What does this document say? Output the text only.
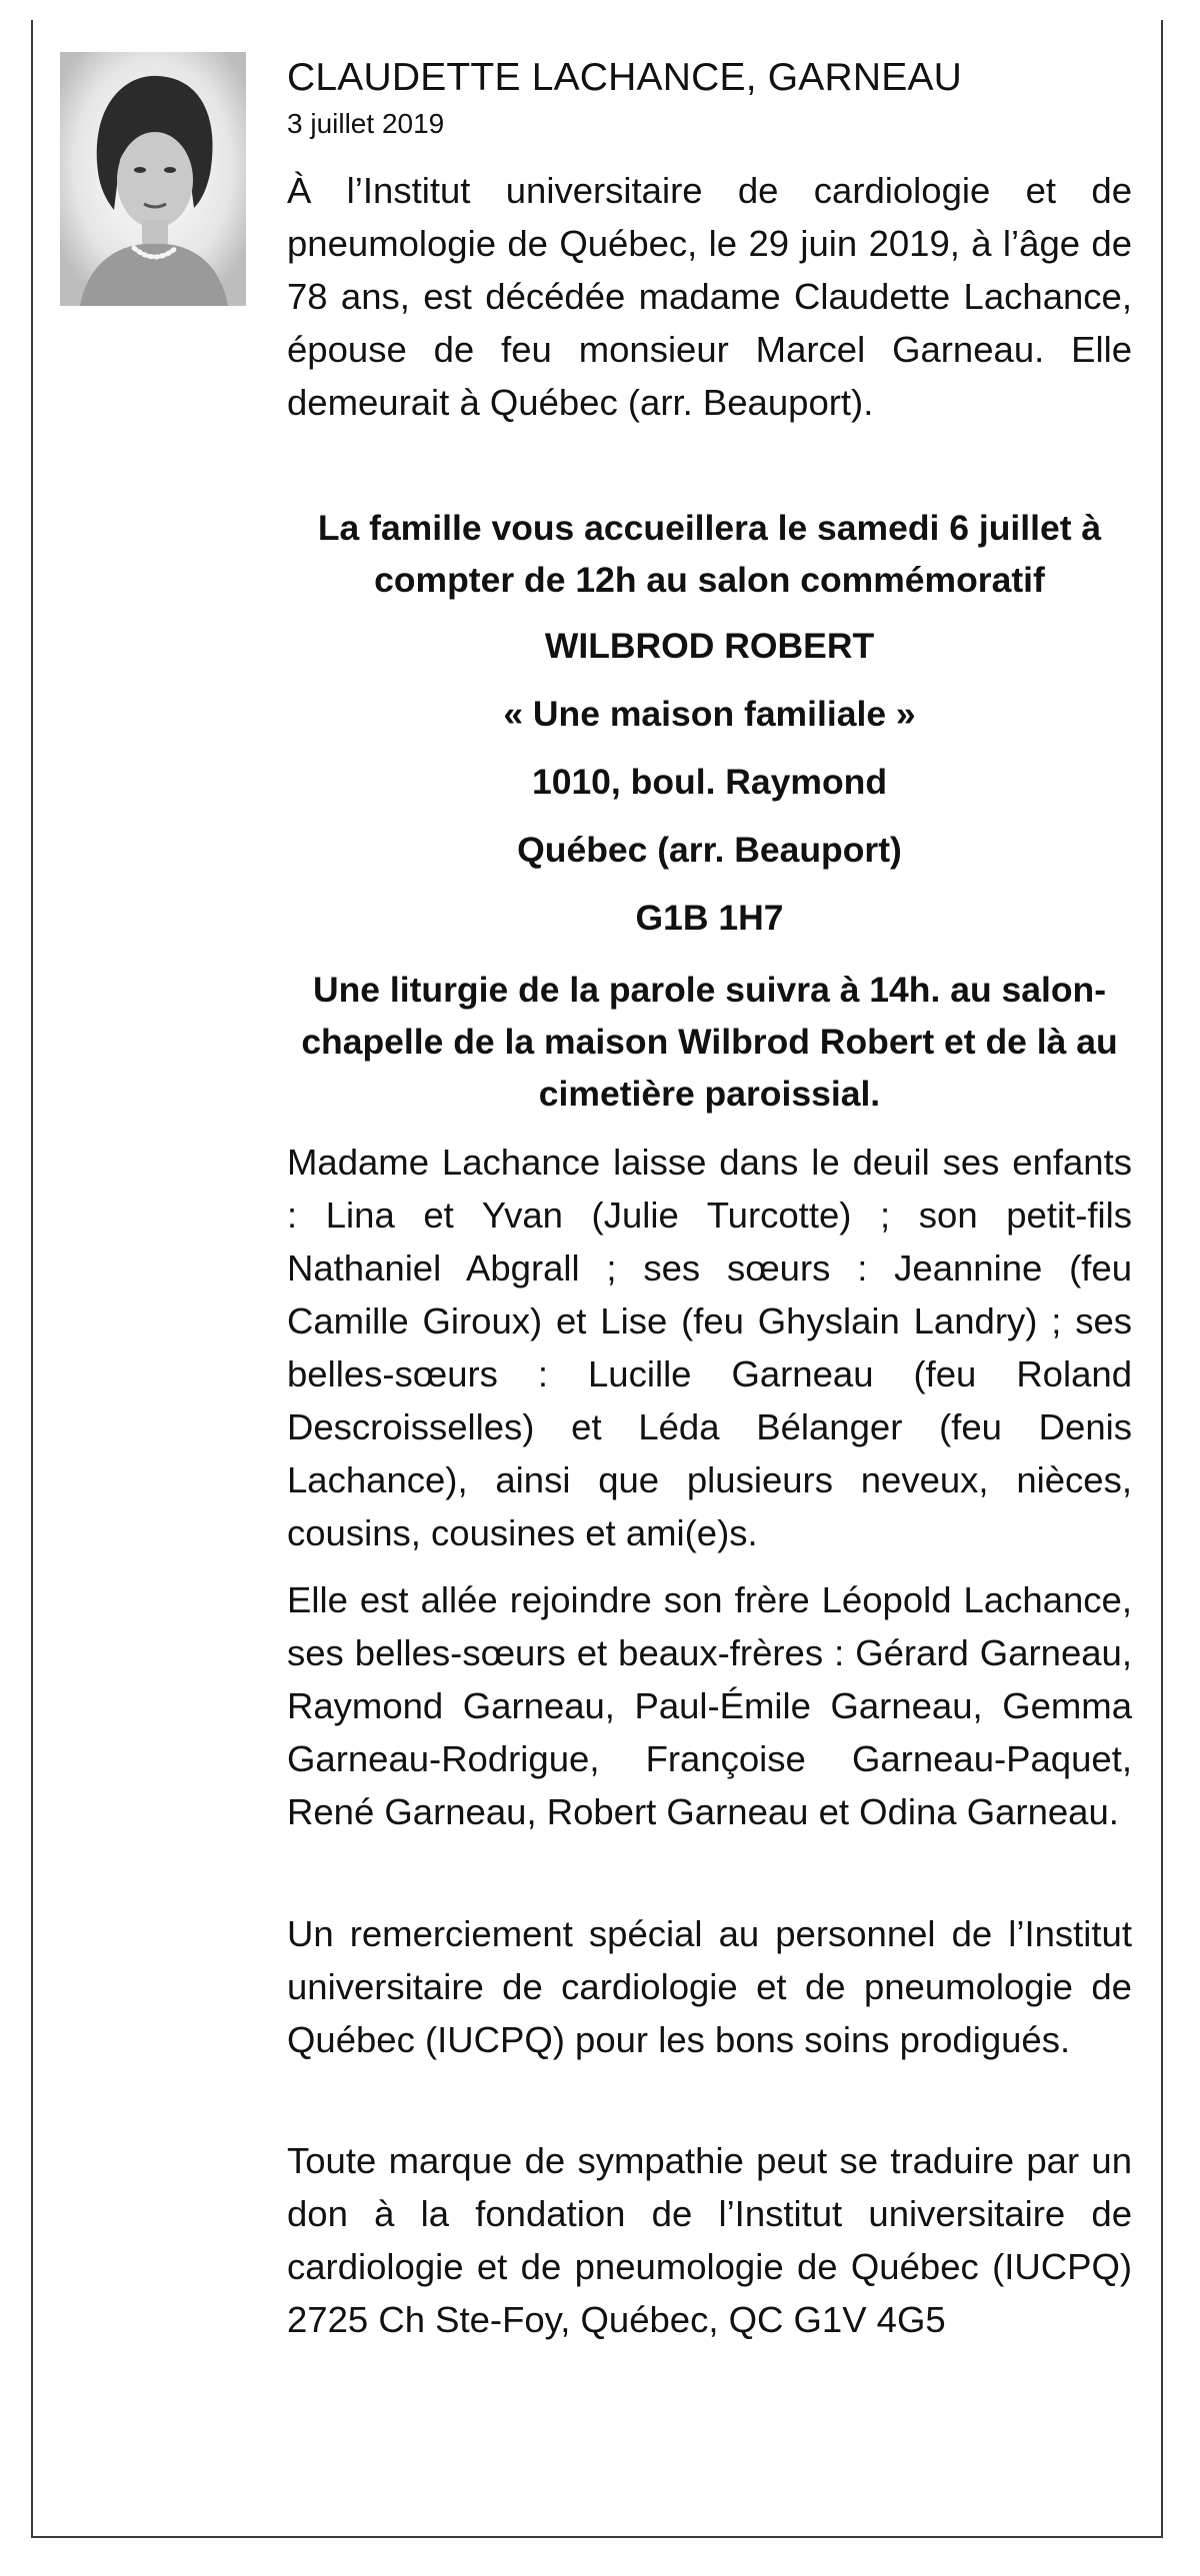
CLAUDETTE LACHANCE, GARNEAU
3 juillet 2019

À l’Institut universitaire de cardiologie et de pneumologie de Québec, le 29 juin 2019, à l’âge de 78 ans, est décédée madame Claudette Lachance, épouse de feu monsieur Marcel Garneau. Elle demeurait à Québec (arr. Beauport).

La famille vous accueillera le samedi 6 juillet à compter de 12h au salon commémoratif

WILBROD ROBERT

« Une maison familiale »

1010, boul. Raymond

Québec (arr. Beauport)

G1B 1H7

Une liturgie de la parole suivra à 14h. au salon-chapelle de la maison Wilbrod Robert et de là au cimetière paroissial.

Madame Lachance laisse dans le deuil ses enfants : Lina et Yvan (Julie Turcotte) ; son petit-fils Nathaniel Abgrall ; ses sœurs : Jeannine (feu Camille Giroux) et Lise (feu Ghyslain Landry) ; ses belles-sœurs : Lucille Garneau (feu Roland Descroisselles) et Léda Bélanger (feu Denis Lachance), ainsi que plusieurs neveux, nièces, cousins, cousines et ami(e)s.

Elle est allée rejoindre son frère Léopold Lachance, ses belles-sœurs et beaux-frères : Gérard Garneau, Raymond Garneau, Paul-Émile Garneau, Gemma Garneau-Rodrigue, Françoise Garneau-Paquet, René Garneau, Robert Garneau et Odina Garneau.

Un remerciement spécial au personnel de l’Institut universitaire de cardiologie et de pneumologie de Québec (IUCPQ) pour les bons soins prodigués.

Toute marque de sympathie peut se traduire par un don à la fondation de l’Institut universitaire de cardiologie et de pneumologie de Québec (IUCPQ) 2725 Ch Ste-Foy, Québec, QC G1V 4G5
